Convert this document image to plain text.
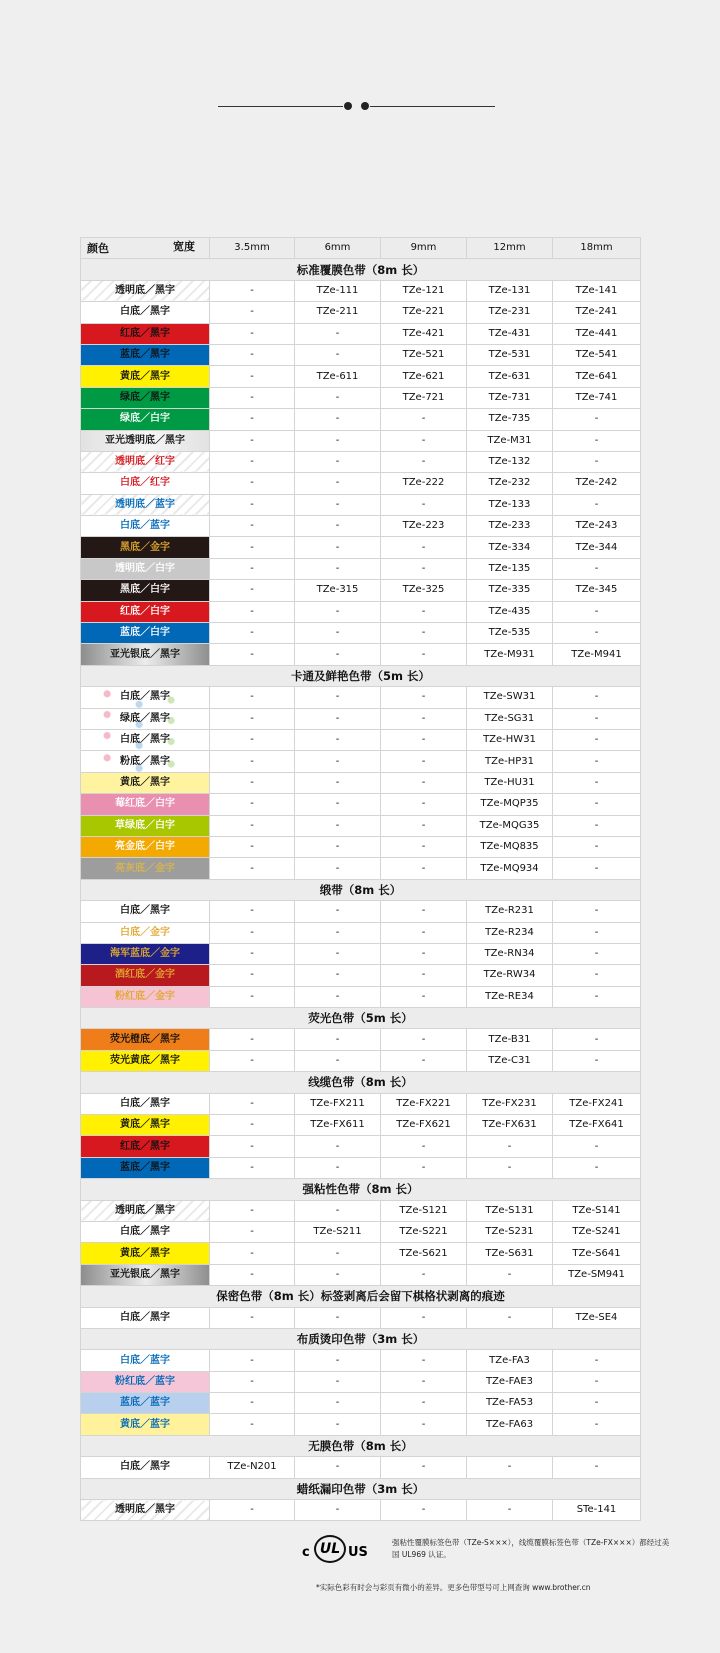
宽度
颜色	3.5mm	6mm	9mm	12mm	18mm
标准覆膜色带（8m 长）					
透明底／黑字	-	TZe-111	TZe-121	TZe-131	TZe-141
白底／黑字	-	TZe-211	TZe-221	TZe-231	TZe-241
红底／黑字	-	-	TZe-421	TZe-431	TZe-441
蓝底／黑字	-	-	TZe-521	TZe-531	TZe-541
黄底／黑字	-	TZe-611	TZe-621	TZe-631	TZe-641
绿底／黑字	-	-	TZe-721	TZe-731	TZe-741
绿底／白字	-	-	-	TZe-735	-
亚光透明底／黑字	-	-	-	TZe-M31	-
透明底／红字	-	-	-	TZe-132	-
白底／红字	-	-	TZe-222	TZe-232	TZe-242
透明底／蓝字	-	-	-	TZe-133	-
白底／蓝字	-	-	TZe-223	TZe-233	TZe-243
黑底／金字	-	-	-	TZe-334	TZe-344
透明底／白字	-	-	-	TZe-135	-
黑底／白字	-	TZe-315	TZe-325	TZe-335	TZe-345
红底／白字	-	-	-	TZe-435	-
蓝底／白字	-	-	-	TZe-535	-
亚光银底／黑字	-	-	-	TZe-M931	TZe-M941
卡通及鲜艳色带（5m 长）					
白底／黑字	-	-	-	TZe-SW31	-
绿底／黑字	-	-	-	TZe-SG31	-
白底／黑字	-	-	-	TZe-HW31	-
粉底／黑字	-	-	-	TZe-HP31	-
黄底／黑字	-	-	-	TZe-HU31	-
莓红底／白字	-	-	-	TZe-MQP35	-
草绿底／白字	-	-	-	TZe-MQG35	-
亮金底／白字	-	-	-	TZe-MQ835	-
亮灰底／金字	-	-	-	TZe-MQ934	-
缎带（8m 长）					
白底／黑字	-	-	-	TZe-R231	-
白底／金字	-	-	-	TZe-R234	-
海军蓝底／金字	-	-	-	TZe-RN34	-
酒红底／金字	-	-	-	TZe-RW34	-
粉红底／金字	-	-	-	TZe-RE34	-
荧光色带（5m 长）					
荧光橙底／黑字	-	-	-	TZe-B31	-
荧光黄底／黑字	-	-	-	TZe-C31	-
线缆色带（8m 长）					
白底／黑字	-	TZe-FX211	TZe-FX221	TZe-FX231	TZe-FX241
黄底／黑字	-	TZe-FX611	TZe-FX621	TZe-FX631	TZe-FX641
红底／黑字	-	-	-	-	-
蓝底／黑字	-	-	-	-	-
强粘性色带（8m 长）					
透明底／黑字	-	-	TZe-S121	TZe-S131	TZe-S141
白底／黑字	-	TZe-S211	TZe-S221	TZe-S231	TZe-S241
黄底／黑字	-	-	TZe-S621	TZe-S631	TZe-S641
亚光银底／黑字	-	-	-	-	TZe-SM941
保密色带（8m 长）标签剥离后会留下棋格状剥离的痕迹					
白底／黑字	-	-	-	-	TZe-SE4
布质烫印色带（3m 长）					
白底／蓝字	-	-	-	TZe-FA3	-
粉红底／蓝字	-	-	-	TZe-FAE3	-
蓝底／蓝字	-	-	-	TZe-FA53	-
黄底／蓝字	-	-	-	TZe-FA63	-
无膜色带（8m 长）					
白底／黑字	TZe-N201	-	-	-	-
蜡纸漏印色带（3m 长）					
透明底／黑字	-	-	-	-	STe-141
c UL US
强粘性覆膜标签色带（TZe-S×××），线缆覆膜标签色带（TZe-FX×××）都经过美国 UL969 认证。
*实际色彩有时会与彩页有微小的差异。更多色带型号可上网查询 www.brother.cn
